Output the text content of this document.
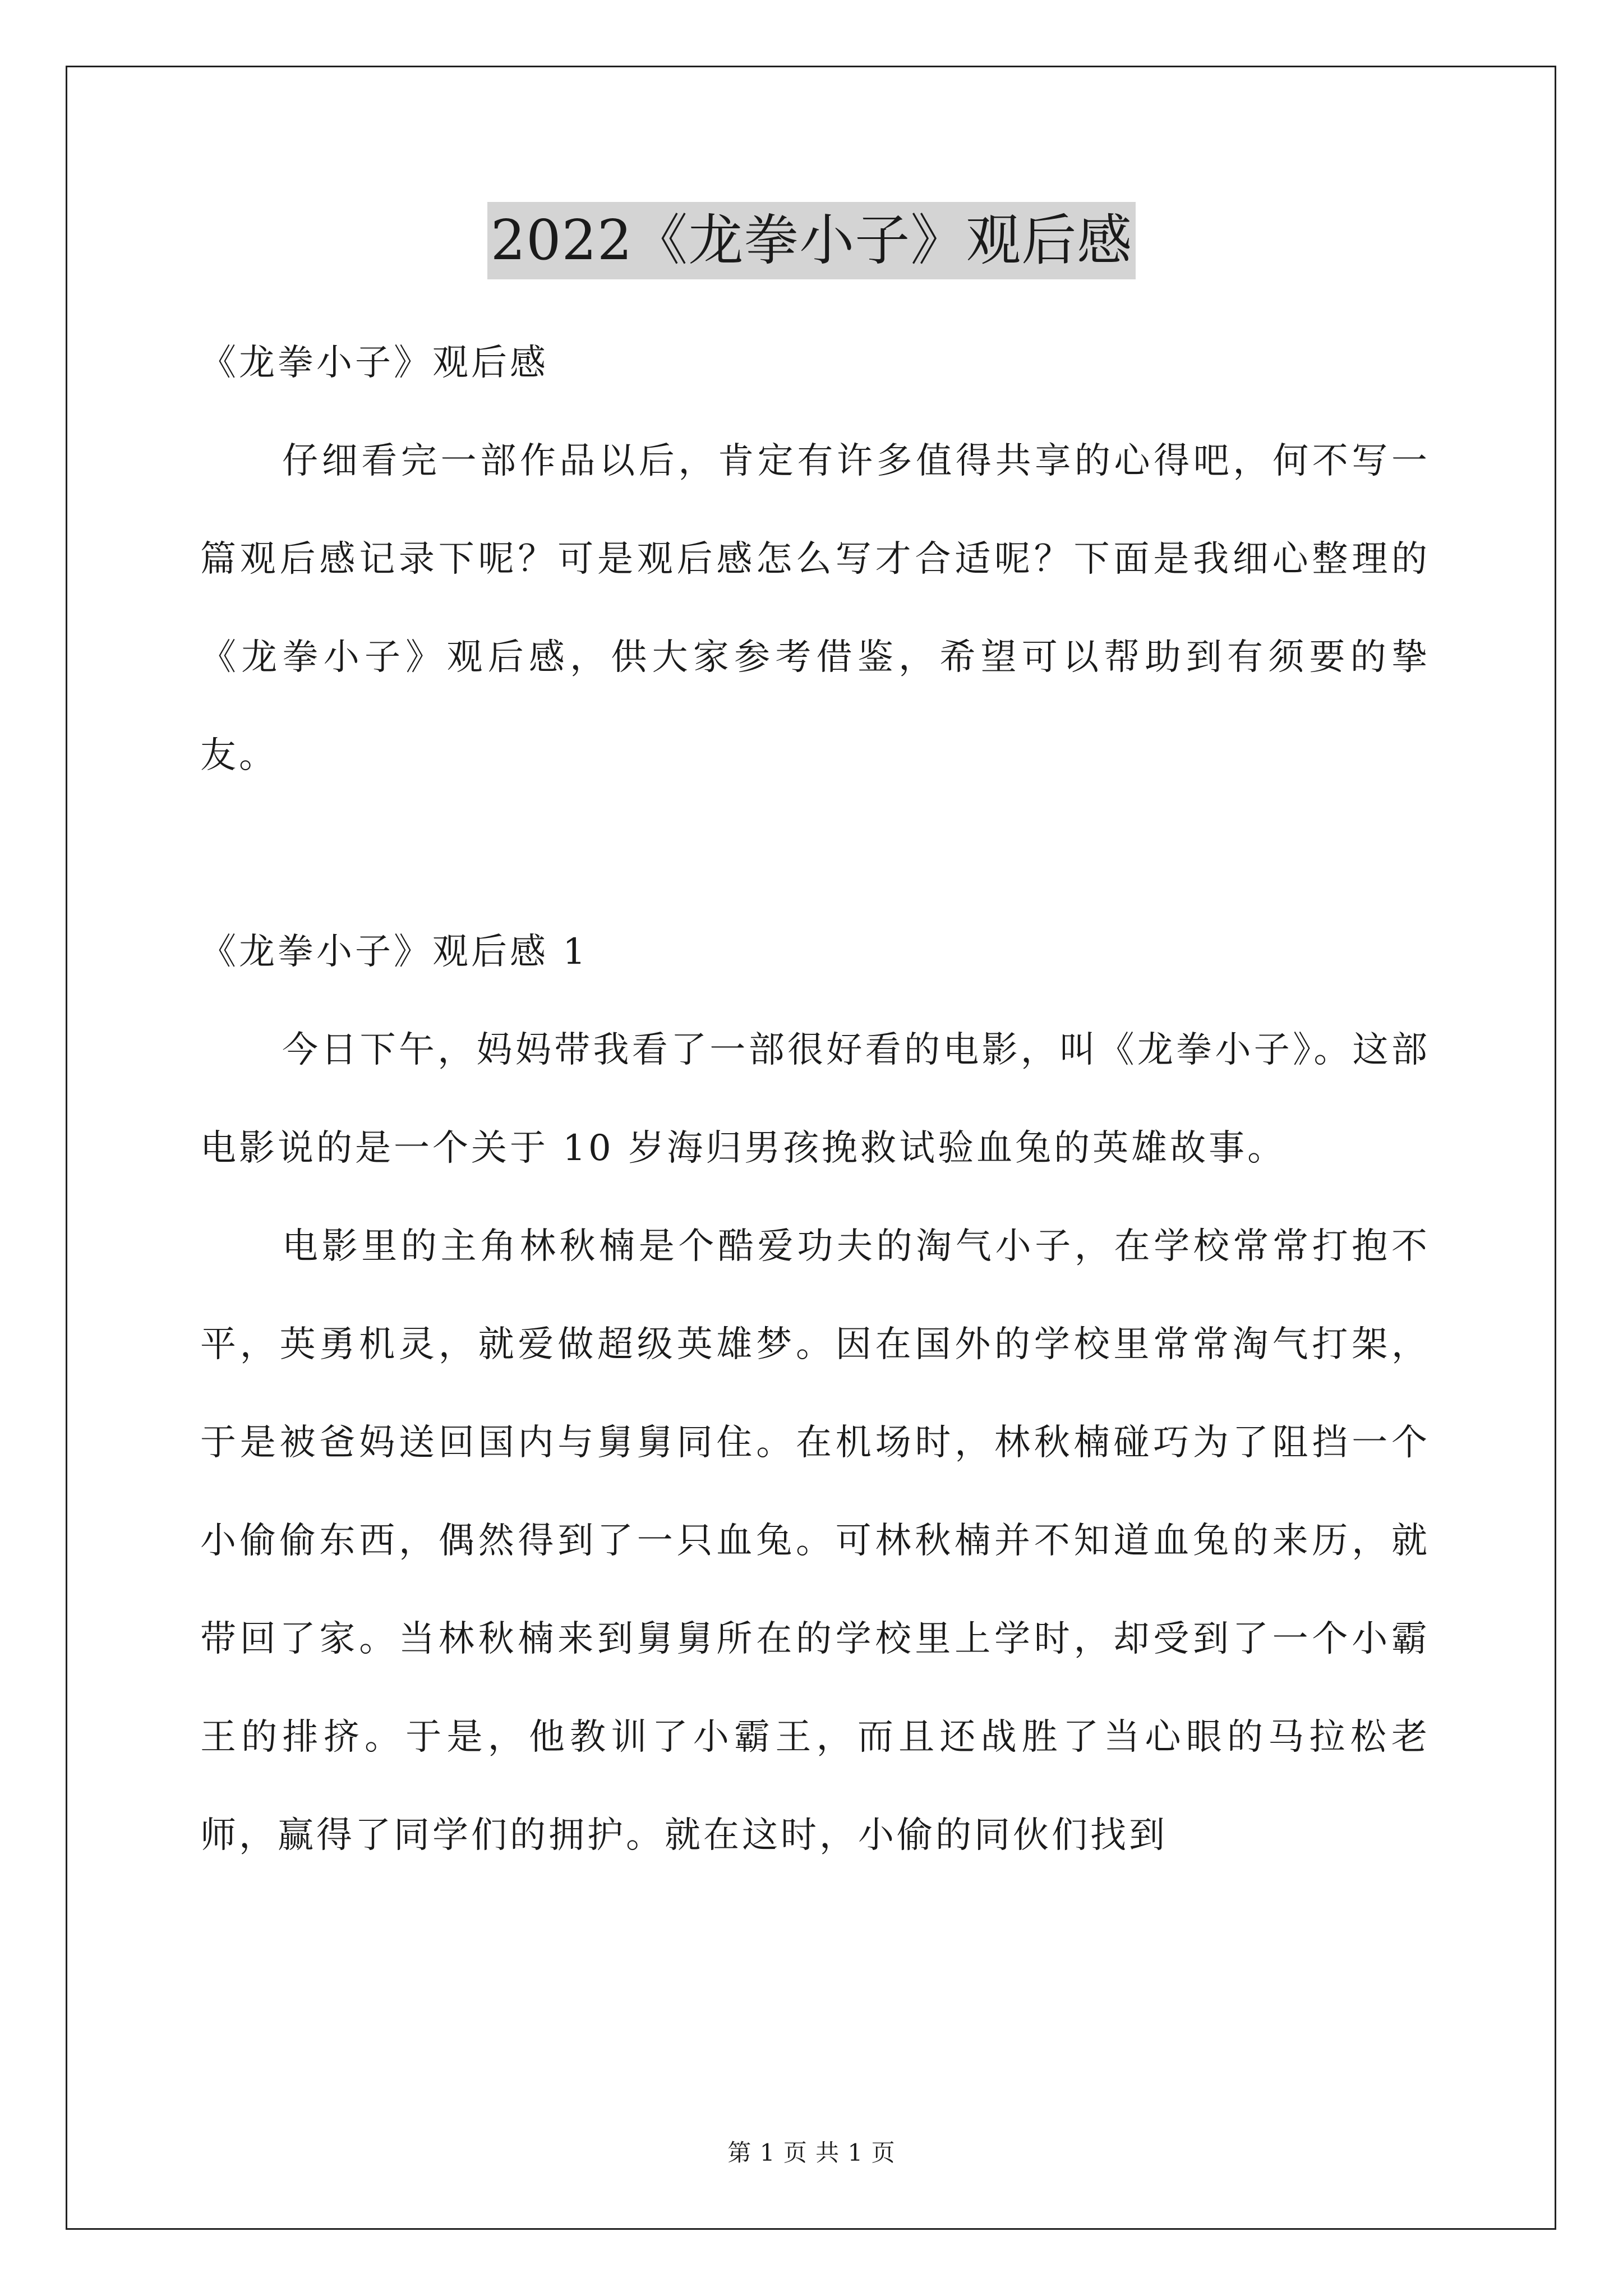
2022《龙拳小子》观后感

《龙拳小子》观后感

仔细看完一部作品以后，肯定有许多值得共享的心得吧，何不写一篇观后感记录下呢？可是观后感怎么写才合适呢？下面是我细心整理的《龙拳小子》观后感，供大家参考借鉴，希望可以帮助到有须要的挚友。

《龙拳小子》观后感 1

今日下午，妈妈带我看了一部很好看的电影，叫《龙拳小子》。这部电影说的是一个关于 10 岁海归男孩挽救试验血兔的英雄故事。

电影里的主角林秋楠是个酷爱功夫的淘气小子，在学校常常打抱不平，英勇机灵，就爱做超级英雄梦。因在国外的学校里常常淘气打架，于是被爸妈送回国内与舅舅同住。在机场时，林秋楠碰巧为了阻挡一个小偷偷东西，偶然得到了一只血兔。可林秋楠并不知道血兔的来历，就带回了家。当林秋楠来到舅舅所在的学校里上学时，却受到了一个小霸王的排挤。于是，他教训了小霸王，而且还战胜了当心眼的马拉松老师，赢得了同学们的拥护。就在这时，小偷的同伙们找到

第 1 页 共 1 页
